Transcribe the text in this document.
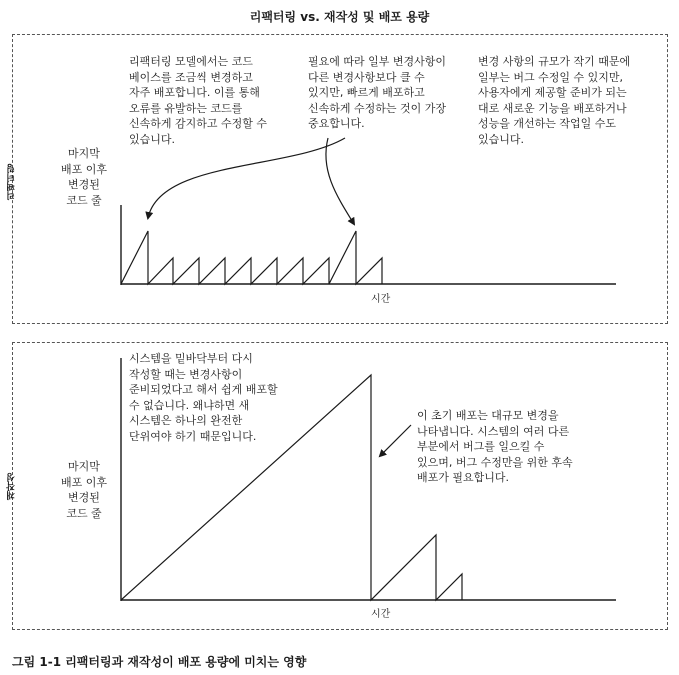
리팩터링 vs. 재작성 및 배포 용량
리팩터링
마지막
배포 이후
변경된
코드 줄
리팩터링 모델에서는 코드
베이스를 조금씩 변경하고
자주 배포합니다. 이를 통해
오류를 유발하는 코드를
신속하게 감지하고 수정할 수
있습니다.
필요에 따라 일부 변경사항이
다른 변경사항보다 클 수
있지만, 빠르게 배포하고
신속하게 수정하는 것이 가장
중요합니다.
변경 사항의 규모가 작기 때문에
일부는 버그 수정일 수 있지만,
사용자에게 제공할 준비가 되는
대로 새로운 기능을 배포하거나
성능을 개선하는 작업일 수도
있습니다.
시간
재작성
마지막
배포 이후
변경된
코드 줄
시스템을 밑바닥부터 다시
작성할 때는 변경사항이
준비되었다고 해서 쉽게 배포할
수 없습니다. 왜냐하면 새
시스템은 하나의 완전한
단위여야 하기 때문입니다.
이 초기 배포는 대규모 변경을
나타냅니다. 시스템의 여러 다른
부분에서 버그를 일으킬 수
있으며, 버그 수정만을 위한 후속
배포가 필요합니다.
시간
그림 1-1 리팩터링과 재작성이 배포 용량에 미치는 영향
